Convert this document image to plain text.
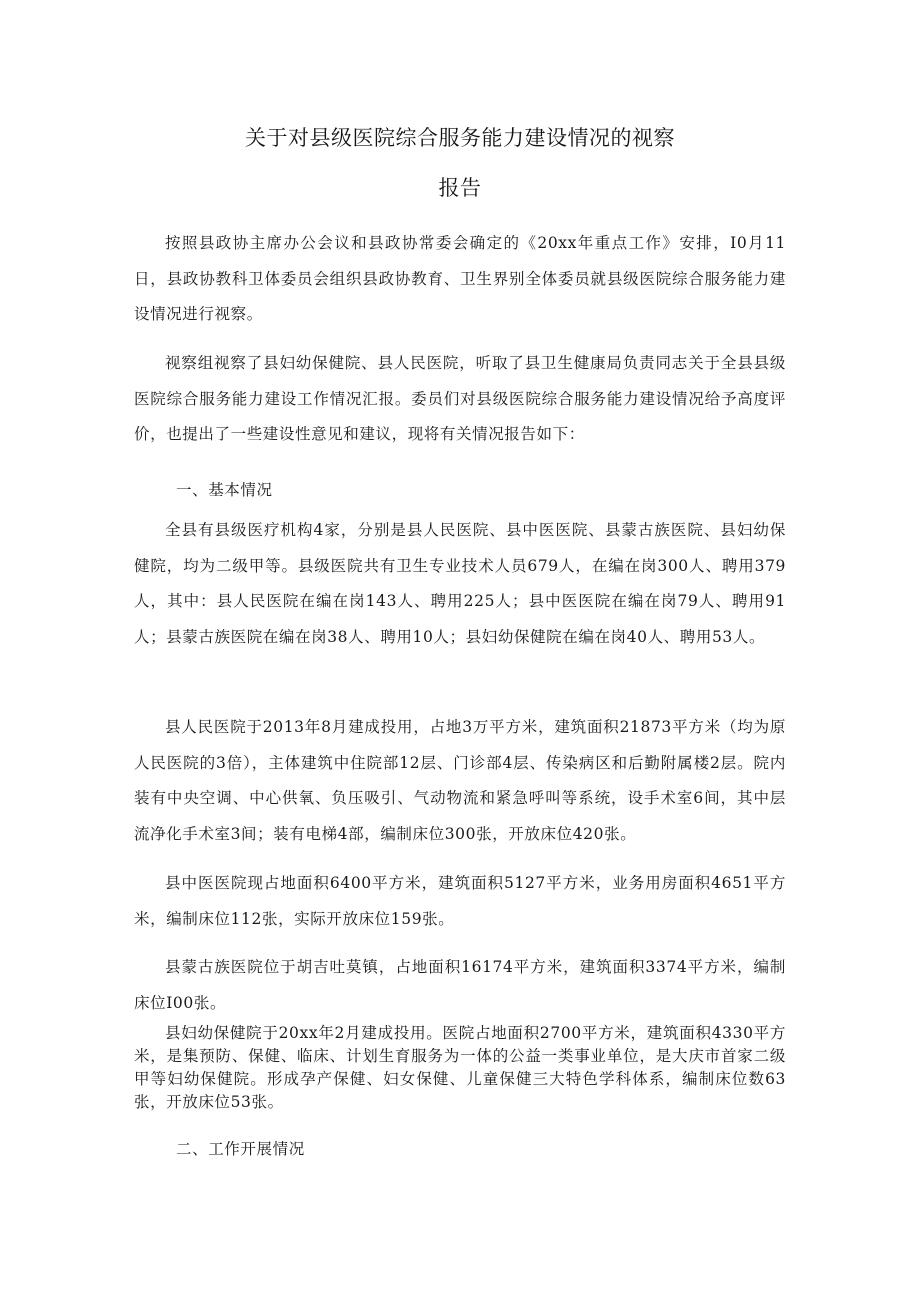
关于对县级医院综合服务能力建设情况的视察
报告

按照县政协主席办公会议和县政协常委会确定的《20xx年重点工作》安排，I0月11日，县政协教科卫体委员会组织县政协教育、卫生界别全体委员就县级医院综合服务能力建设情况进行视察。

视察组视察了县妇幼保健院、县人民医院，听取了县卫生健康局负责同志关于全县县级医院综合服务能力建设工作情况汇报。委员们对县级医院综合服务能力建设情况给予高度评价，也提出了一些建设性意见和建议，现将有关情况报告如下：

一、基本情况

全县有县级医疗机构4家，分别是县人民医院、县中医医院、县蒙古族医院、县妇幼保健院，均为二级甲等。县级医院共有卫生专业技术人员679人，在编在岗300人、聘用379人，其中：县人民医院在编在岗143人、聘用225人；县中医医院在编在岗79人、聘用91人；县蒙古族医院在编在岗38人、聘用10人；县妇幼保健院在编在岗40人、聘用53人。

县人民医院于2013年8月建成投用，占地3万平方米，建筑面积21873平方米（均为原人民医院的3倍），主体建筑中住院部12层、门诊部4层、传染病区和后勤附属楼2层。院内装有中央空调、中心供氧、负压吸引、气动物流和紧急呼叫等系统，设手术室6间，其中层流净化手术室3间；装有电梯4部，编制床位300张，开放床位420张。

县中医医院现占地面积6400平方米，建筑面积5127平方米，业务用房面积4651平方米，编制床位112张，实际开放床位159张。

县蒙古族医院位于胡吉吐莫镇，占地面积16174平方米，建筑面积3374平方米，编制床位I00张。

县妇幼保健院于20xx年2月建成投用。医院占地面积2700平方米，建筑面积4330平方米，是集预防、保健、临床、计划生育服务为一体的公益一类事业单位，是大庆市首家二级甲等妇幼保健院。形成孕产保健、妇女保健、儿童保健三大特色学科体系，编制床位数63张，开放床位53张。

二、工作开展情况
